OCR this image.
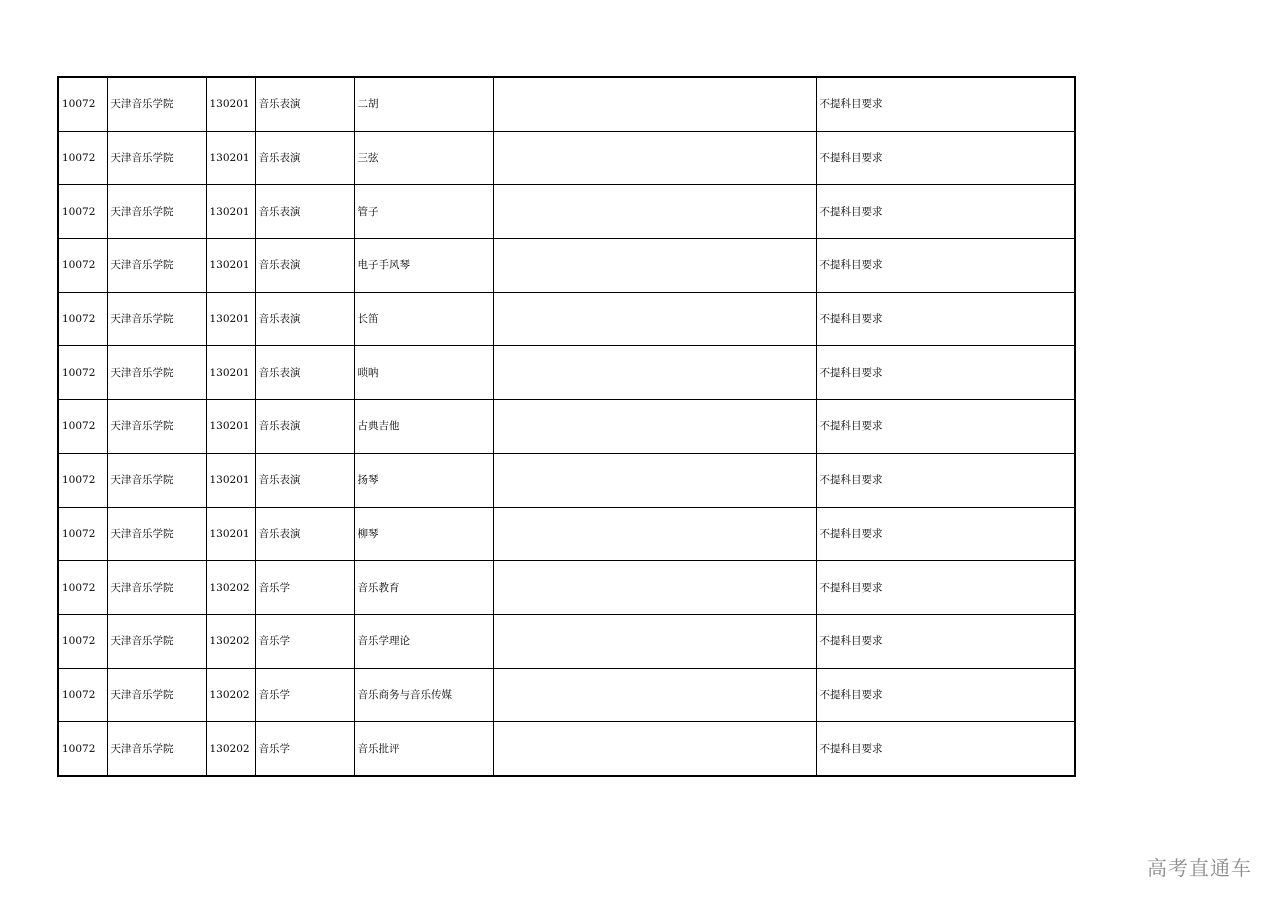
10072	天津音乐学院	130201	音乐表演	二胡		不提科目要求
10072	天津音乐学院	130201	音乐表演	三弦		不提科目要求
10072	天津音乐学院	130201	音乐表演	管子		不提科目要求
10072	天津音乐学院	130201	音乐表演	电子手风琴		不提科目要求
10072	天津音乐学院	130201	音乐表演	长笛		不提科目要求
10072	天津音乐学院	130201	音乐表演	唢呐		不提科目要求
10072	天津音乐学院	130201	音乐表演	古典吉他		不提科目要求
10072	天津音乐学院	130201	音乐表演	扬琴		不提科目要求
10072	天津音乐学院	130201	音乐表演	柳琴		不提科目要求
10072	天津音乐学院	130202	音乐学	音乐教育		不提科目要求
10072	天津音乐学院	130202	音乐学	音乐学理论		不提科目要求
10072	天津音乐学院	130202	音乐学	音乐商务与音乐传媒		不提科目要求
10072	天津音乐学院	130202	音乐学	音乐批评		不提科目要求
高考直通车
